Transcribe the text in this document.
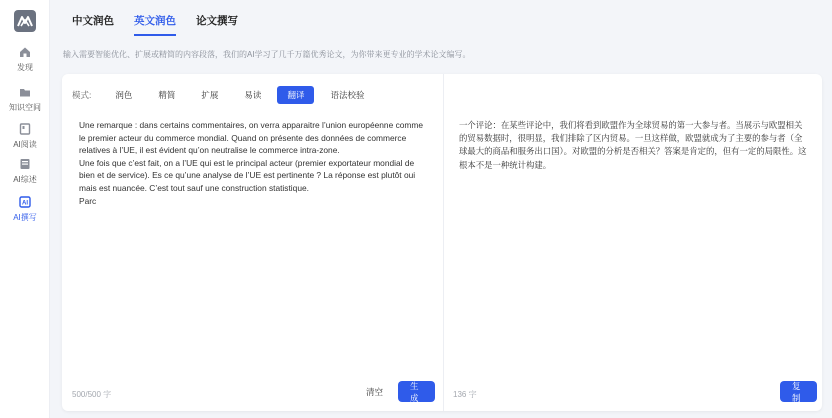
发现
知识空间
AI阅读
AI综述
AI
AI撰写
中文润色	英文润色	论文撰写
输入需要智能优化、扩展或精简的内容段落，我们的AI学习了几千万篇优秀论文，为你带来更专业的学术论文编写。
模式:	润色	精简	扩展	易读	翻译	语法校验
Une remarque : dans certains commentaires, on verra apparaitre l’union européenne comme
le premier acteur du commerce mondial. Quand on présente des données de commerce
relatives à l’UE, il est évident qu’on neutralise le commerce intra-zone.
Une fois que c’est fait, on a l’UE qui est le principal acteur (premier exportateur mondial de
bien et de service). Es ce qu’une analyse de l’UE est pertinente ? La réponse est plutôt oui
mais est nuancée. C’est tout sauf une construction statistique.
Parc
一个评论：在某些评论中，我们将看到欧盟作为全球贸易的第一大参与者。当展示与欧盟相关的贸易数据时，很明显，我们排除了区内贸易。一旦这样做，欧盟就成为了主要的参与者（全球最大的商品和服务出口国）。对欧盟的分析是否相关？答案是肯定的，但有一定的局限性。这根本不是一种统计构建。
500/500 字	清空
生成	136 字
复制
